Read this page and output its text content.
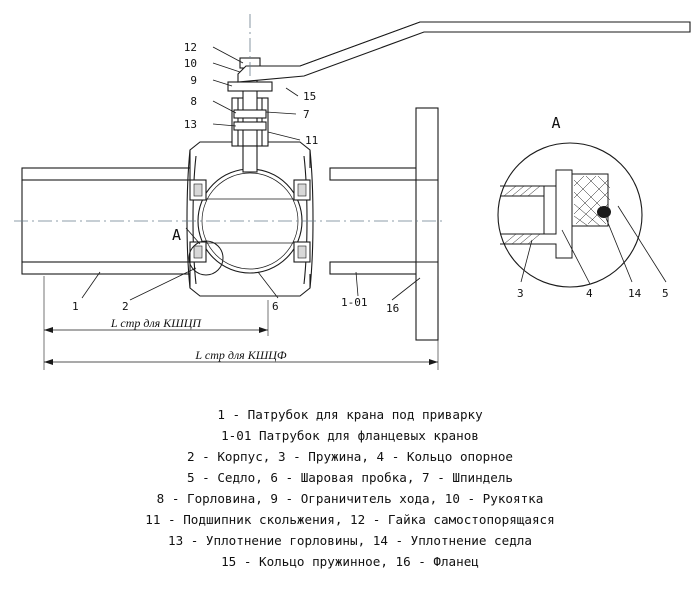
12
10
9
8
13
15
7
11
1	2	6	1-01 16
A
L стр для КШЦП
L стр для КШЦФ
A
3	4	14 5
1 - Патрубок для крана под приварку
1-01 Патрубок для фланцевых кранов
2 - Корпус, 3 - Пружина, 4 - Кольцо опорное
5 - Седло, 6 - Шаровая пробка, 7 - Шпиндель
8 - Горловина, 9 - Ограничитель хода, 10 - Рукоятка
11 - Подшипник скольжения, 12 - Гайка самостопорящаяся
13 - Уплотнение горловины, 14 - Уплотнение седла
15 - Кольцо пружинное, 16 - Фланец
